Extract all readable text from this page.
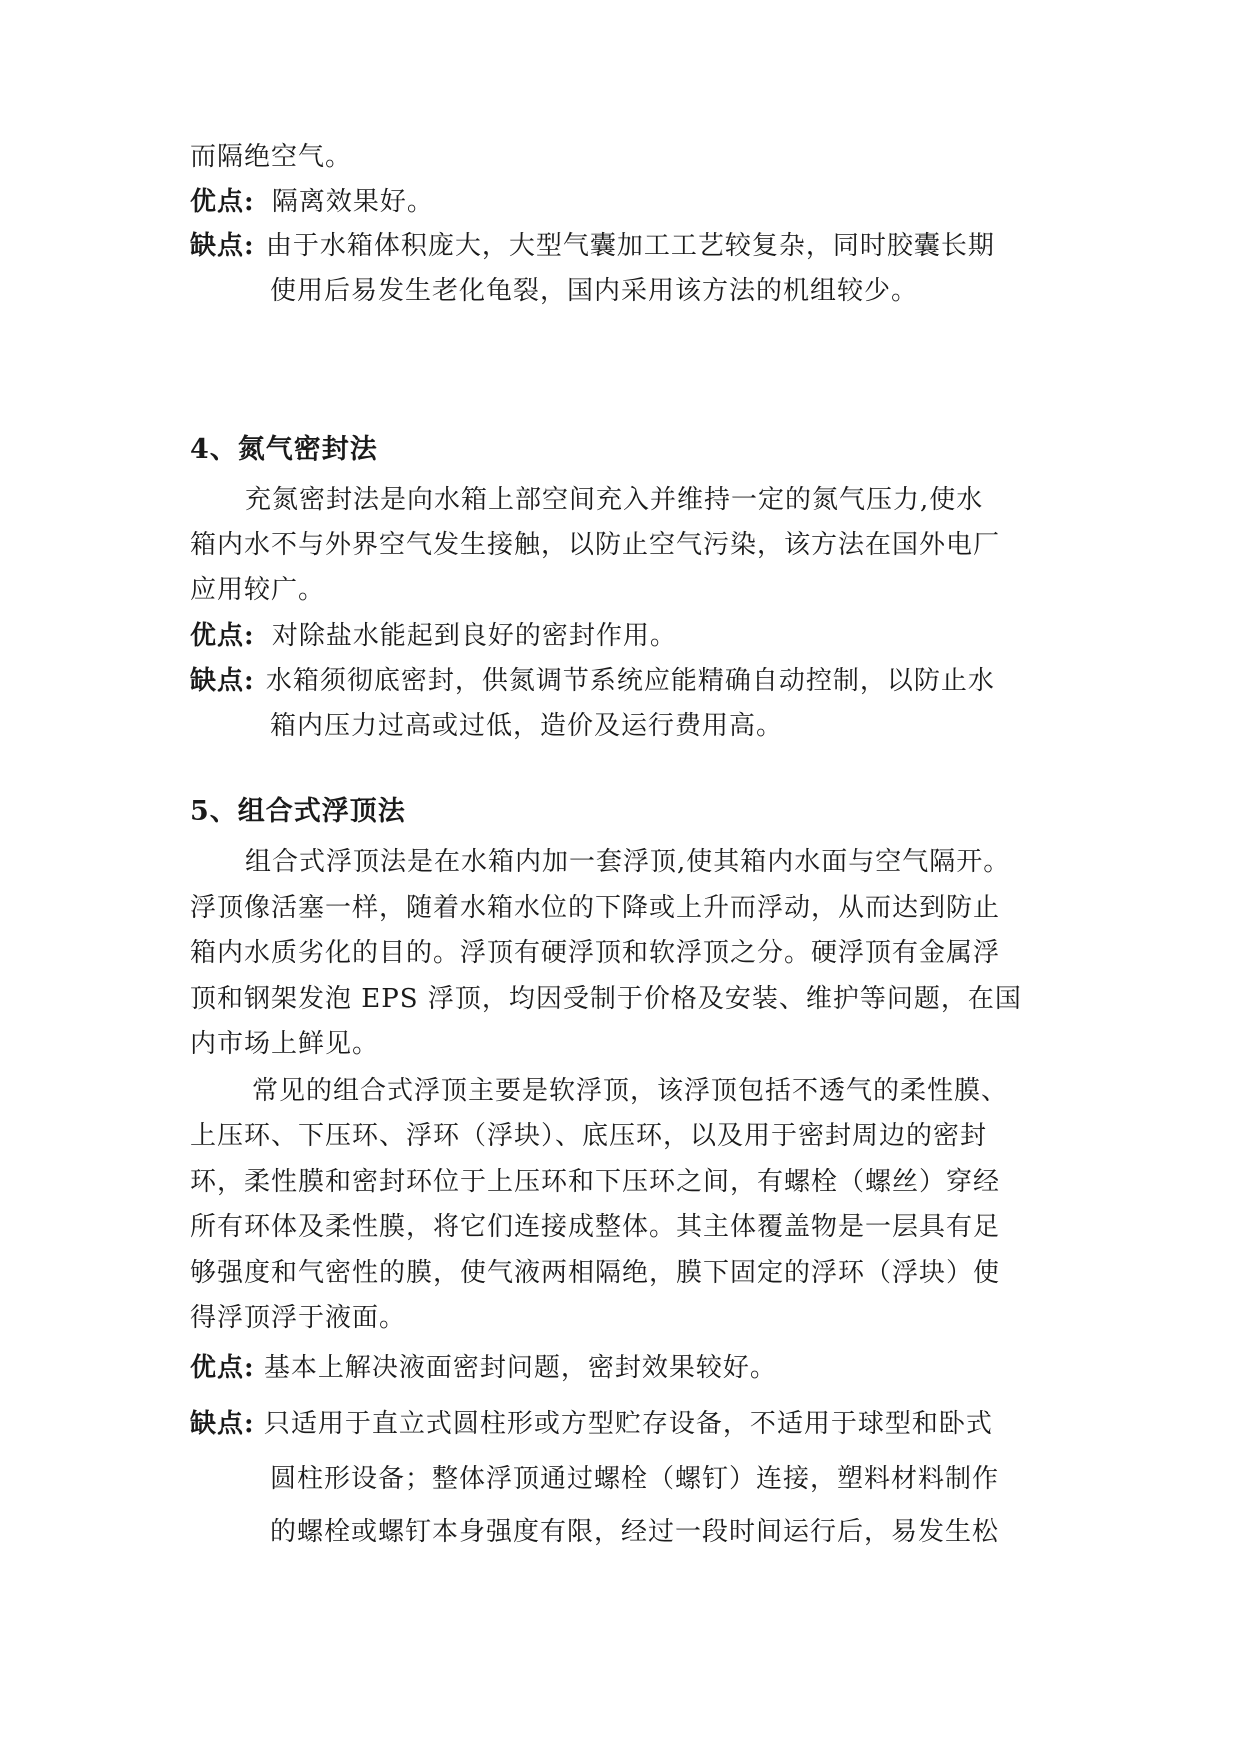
而隔绝空气。
优点: 隔离效果好。
缺点: 由于水箱体积庞大，大型气囊加工工艺较复杂，同时胶囊长期
使用后易发生老化龟裂，国内采用该方法的机组较少。
4、氮气密封法
充氮密封法是向水箱上部空间充入并维持一定的氮气压力,使水
箱内水不与外界空气发生接触，以防止空气污染，该方法在国外电厂
应用较广。
优点: 对除盐水能起到良好的密封作用。
缺点: 水箱须彻底密封，供氮调节系统应能精确自动控制，以防止水
箱内压力过高或过低，造价及运行费用高。
5、组合式浮顶法
组合式浮顶法是在水箱内加一套浮顶,使其箱内水面与空气隔开。
浮顶像活塞一样，随着水箱水位的下降或上升而浮动，从而达到防止
箱内水质劣化的目的。浮顶有硬浮顶和软浮顶之分。硬浮顶有金属浮
顶和钢架发泡 EPS 浮顶，均因受制于价格及安装、维护等问题，在国
内市场上鲜见。
常见的组合式浮顶主要是软浮顶，该浮顶包括不透气的柔性膜、
上压环、下压环、浮环（浮块）、底压环，以及用于密封周边的密封
环，柔性膜和密封环位于上压环和下压环之间，有螺栓（螺丝）穿经
所有环体及柔性膜，将它们连接成整体。其主体覆盖物是一层具有足
够强度和气密性的膜，使气液两相隔绝，膜下固定的浮环（浮块）使
得浮顶浮于液面。
优点: 基本上解决液面密封问题，密封效果较好。
缺点: 只适用于直立式圆柱形或方型贮存设备，不适用于球型和卧式
圆柱形设备；整体浮顶通过螺栓（螺钉）连接，塑料材料制作
的螺栓或螺钉本身强度有限，经过一段时间运行后，易发生松
